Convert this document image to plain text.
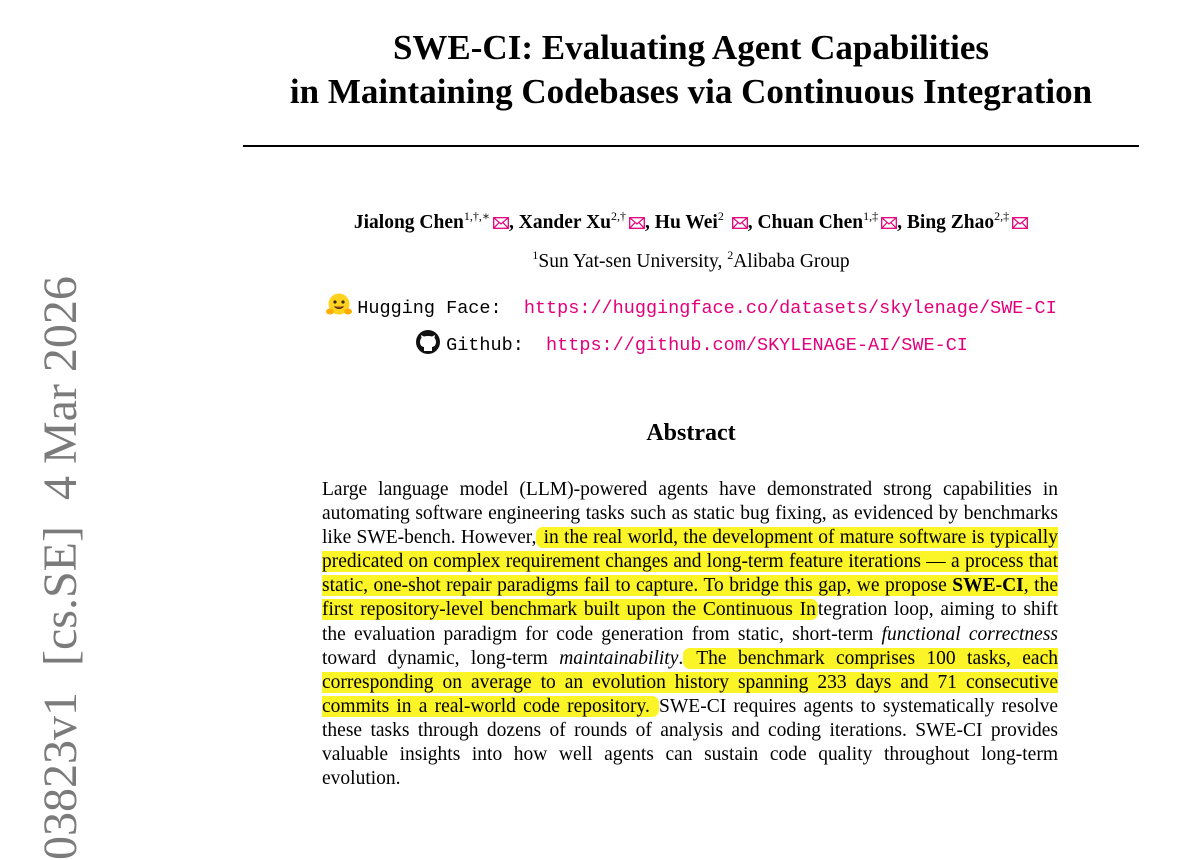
03823v1
[cs.SE]
4 Mar 2026
SWE-CI: Evaluating Agent Capabilities
in Maintaining Codebases via Continuous Integration
Jialong Chen$^{1,\dagger,∗}$ , Xander $Xu^{2,\dagger}$ , Hu Wei$^2$ , Chuan Chen$^{1,\ddagger}$ , Bing Zhao$^{2,\ddagger}$
$^1$Sun Yat-sen University, $^2$Alibaba Group
Hugging Face: https://huggingface.co/datasets/skylenage/SWE-CI
Github: https://github.com/SKYLENAGE-AI/SWE-CI
Abstract

Large language model (LLM)-powered agents have demonstrated strong capabilities in automating software engineering tasks such as static bug fixing, as evidenced by benchmarks like SWE-bench. However, in the real world, the development of mature software is typically predicated on complex requirement changes and long-term feature iterations — a process that static, one-shot repair paradigms fail to capture. To bridge this gap, we propose SWE-CI, the first repository-level benchmark built upon the Continuous In tegration loop, aiming to shift the evaluation paradigm for code generation from static, short-term functional correctness toward dynamic, long-term maintainability. The benchmark comprises 100 tasks, each corresponding on average to an evolution history spanning 233 days and 71 consecutive commits in a real-world code repository. SWE-CI requires agents to systematically resolve these tasks through dozens of rounds of analysis and coding iterations. SWE-CI provides valuable insights into how well agents can sustain code quality throughout long-term evolution.
